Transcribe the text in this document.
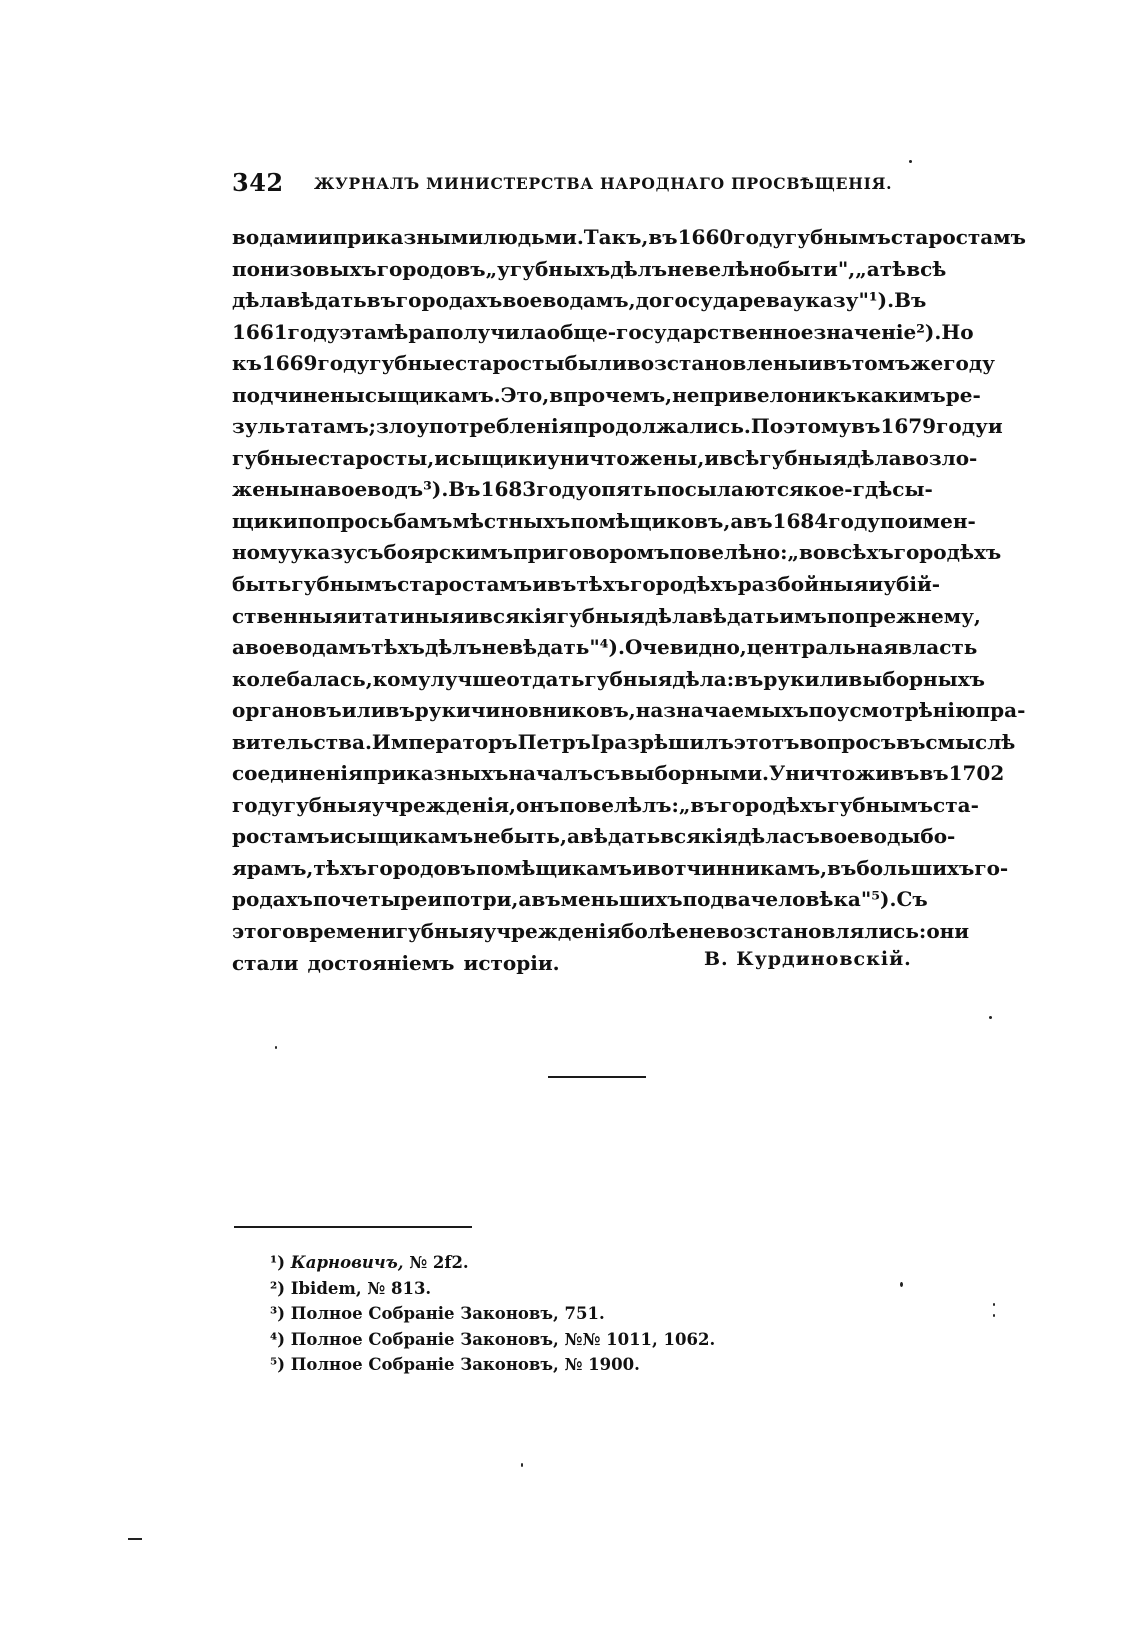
342 ЖУРНАЛЪ МИНИСТЕРСТВА НАРОДНАГО ПРОСВѢЩЕНІЯ.
водами и приказными людьми. Такъ, въ 1660 году губнымъ старостамъ
понизовыхъ городовъ „у губныхъ дѣлъ не велѣно быти", „а тѣ всѣ
дѣла вѣдать въ городахъ воеводамъ, до государева указу" ¹). Въ
1661 году эта мѣра получила обще-государственное значеніе ²). Но
къ 1669 году губные старосты были возстановлены и въ томъ же году
подчинены сыщикамъ. Это, впрочемъ, не привело ни къ какимъ ре-
зультатамъ; злоупотребленія продолжались. Поэтому въ 1679 году и
губные старосты, и сыщики уничтожены, и всѣ губныя дѣла возло-
жены на воеводъ ³). Въ 1683 году опять посылаются кое-гдѣ сы-
щики по просьбамъ мѣстныхъ помѣщиковъ, а въ 1684 году по имен-
ному указу съ боярскимъ приговоромъ повелѣно: „во всѣхъ городѣхъ
быть губнымъ старостамъ и въ тѣхъ городѣхъ разбойныя и убій-
ственныя и татиныя и всякія губныя дѣла вѣдать имъ попрежнему,
а воеводамъ тѣхъ дѣлъ не вѣдать" ⁴). Очевидно, центральная власть
колебалась, кому лучше отдать губныя дѣла: въ руки ли выборныхъ
органовъ или въ руки чиновниковъ, назначаемыхъ по усмотрѣнію пра-
вительства. Императоръ Петръ I разрѣшилъ этотъ вопросъ въ смыслѣ
соединенія приказныхъ началъ съ выборными. Уничтоживъ въ 1702
году губныя учрежденія, онъ повелѣлъ: „въ городѣхъ губнымъ ста-
ростамъ и сыщикамъ не быть, а вѣдать всякія дѣла съ воеводы бо-
ярамъ, тѣхъ городовъ помѣщикамъ и вотчинникамъ, въ большихъ го-
родахъ по четыре и по три, а въ меньшихъ по два человѣка" ⁵). Съ
этого времени губныя учрежденія болѣе не возстановлялись: они
стали достояніемъ исторіи.	В. Курдиновскій.
¹) Карновичъ, № 2f2.
²) Ibidem, № 813.
³) Полное Собраніе Законовъ, 751.
⁴) Полное Собраніе Законовъ, №№ 1011, 1062.
⁵) Полное Собраніе Законовъ, № 1900.
